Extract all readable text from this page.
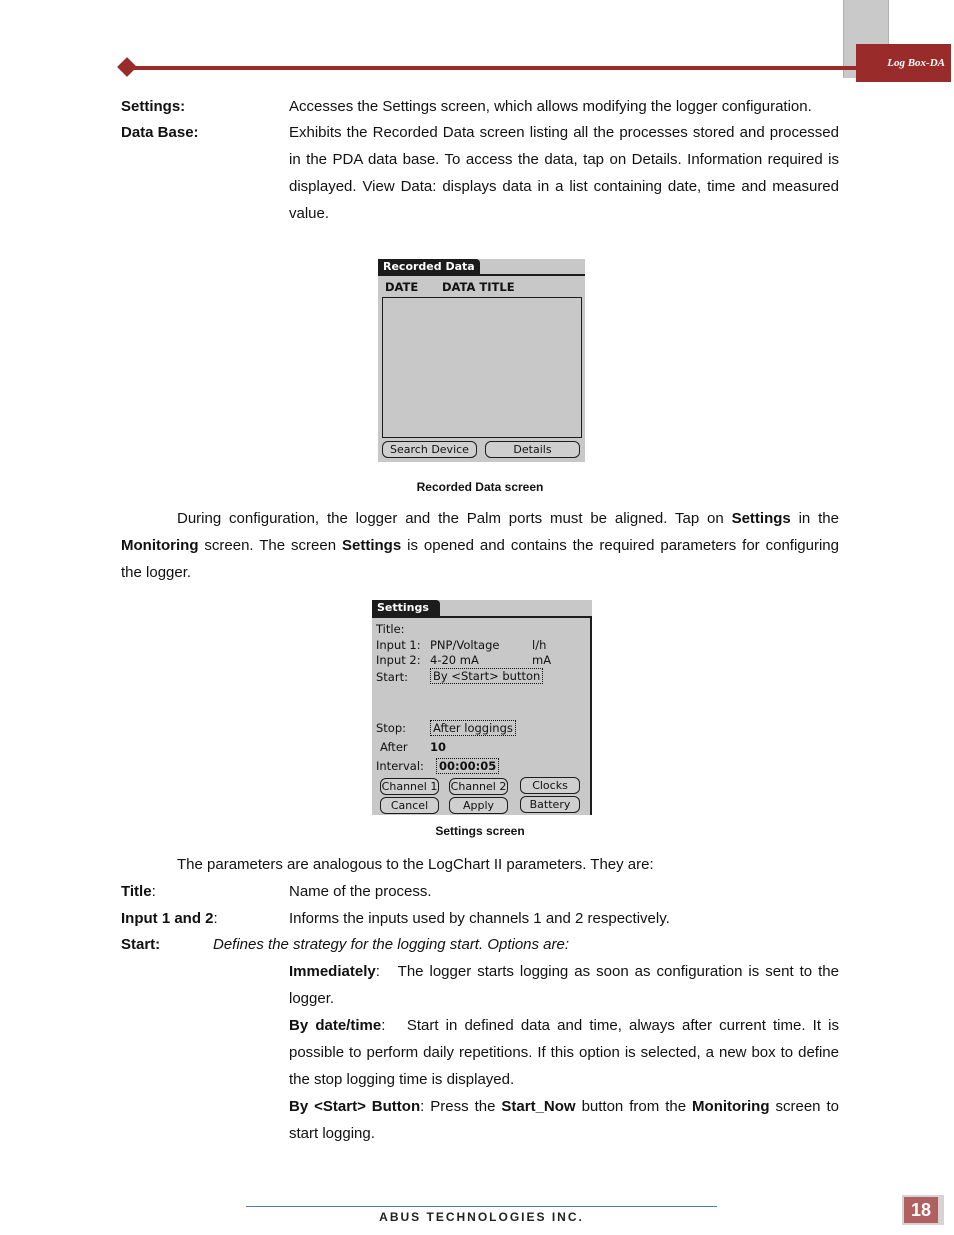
Log Box-DA
Settings:	Accesses the Settings screen, which allows modifying the logger configuration.
Data Base:	Exhibits the Recorded Data screen listing all the processes stored and processed in the PDA data base. To access the data, tap on Details. Information required is displayed. View Data: displays data in a list containing date, time and measured value.
Recorded Data
DATE DATA TITLE
Search Device	Details
Recorded Data screen
During configuration, the logger and the Palm ports must be aligned. Tap on Settings in the Monitoring screen. The screen Settings is opened and contains the required parameters for configuring the logger.
Settings
Title:
Input 1: PNP/Voltage	l/h
Input 2: 4-20 mA	mA
Start: By <Start> button
Stop: After loggings
After 10
Interval: 00:00:05
Channel 1 Channel 2	Clocks
Cancel	Apply	Battery
Settings screen
The parameters are analogous to the LogChart II parameters. They are:
Title:	Name of the process.
Input 1 and 2:	Informs the inputs used by channels 1 and 2 respectively.
Start:	Defines the strategy for the logging start. Options are:
Immediately: The logger starts logging as soon as configuration is sent to the logger.
By date/time: Start in defined data and time, always after current time. It is possible to perform daily repetitions. If this option is selected, a new box to define the stop logging time is displayed.
By <Start> Button: Press the Start_Now button from the Monitoring screen to start logging.
ABUS TECHNOLOGIES INC.	18
